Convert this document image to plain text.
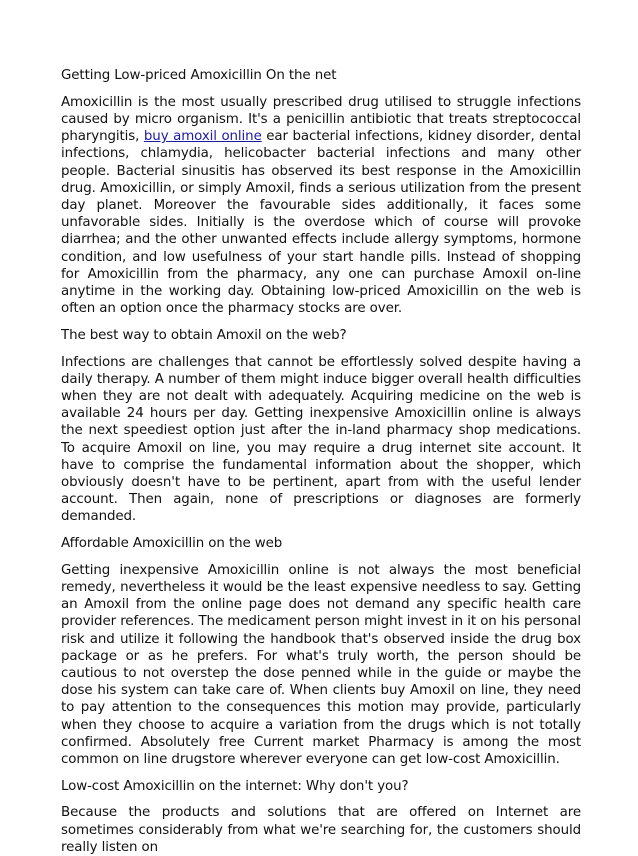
Getting Low-priced Amoxicillin On the net

Amoxicillin is the most usually prescribed drug utilised to struggle infections caused by micro organism. It's a penicillin antibiotic that treats streptococcal pharyngitis, buy amoxil online ear bacterial infections, kidney disorder, dental infections, chlamydia, helicobacter bacterial infections and many other people. Bacterial sinusitis has observed its best response in the Amoxicillin drug. Amoxicillin, or simply Amoxil, finds a serious utilization from the present day planet. Moreover the favourable sides additionally, it faces some unfavorable sides. Initially is the overdose which of course will provoke diarrhea; and the other unwanted effects include allergy symptoms, hormone condition, and low usefulness of your start handle pills. Instead of shopping for Amoxicillin from the pharmacy, any one can purchase Amoxil on-line anytime in the working day. Obtaining low-priced Amoxicillin on the web is often an option once the pharmacy stocks are over.

The best way to obtain Amoxil on the web?

Infections are challenges that cannot be effortlessly solved despite having a daily therapy. A number of them might induce bigger overall health difficulties when they are not dealt with adequately. Acquiring medicine on the web is available 24 hours per day. Getting inexpensive Amoxicillin online is always the next speediest option just after the in-land pharmacy shop medications. To acquire Amoxil on line, you may require a drug internet site account. It have to comprise the fundamental information about the shopper, which obviously doesn't have to be pertinent, apart from with the useful lender account. Then again, none of prescriptions or diagnoses are formerly demanded.

Affordable Amoxicillin on the web

Getting inexpensive Amoxicillin online is not always the most beneficial remedy, nevertheless it would be the least expensive needless to say. Getting an Amoxil from the online page does not demand any specific health care provider references. The medicament person might invest in it on his personal risk and utilize it following the handbook that's observed inside the drug box package or as he prefers. For what's truly worth, the person should be cautious to not overstep the dose penned while in the guide or maybe the dose his system can take care of. When clients buy Amoxil on line, they need to pay attention to the consequences this motion may provide, particularly when they choose to acquire a variation from the drugs which is not totally confirmed. Absolutely free Current market Pharmacy is among the most common on line drugstore wherever everyone can get low-cost Amoxicillin.

Low-cost Amoxicillin on the internet: Why don't you?

Because the products and solutions that are offered on Internet are sometimes considerably from what we're searching for, the customers should really listen on
